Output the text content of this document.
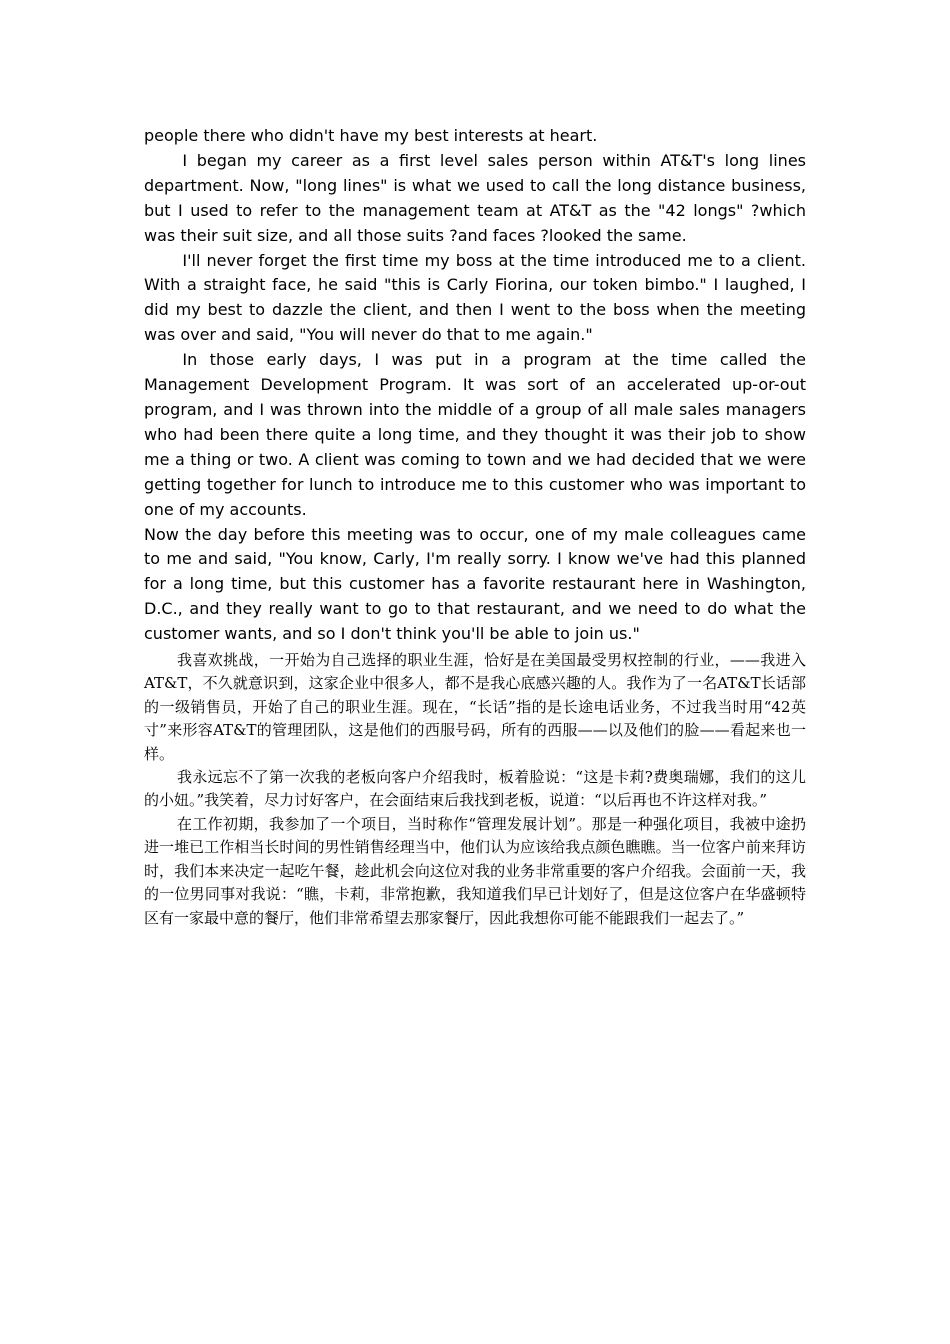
people there who didn't have my best interests at heart.

I began my career as a first level sales person within AT&T's long lines department. Now, "long lines" is what we used to call the long distance business, but I used to refer to the management team at AT&T as the "42 longs" ?which was their suit size, and all those suits ?and faces ?looked the same.

I'll never forget the first time my boss at the time introduced me to a client. With a straight face, he said "this is Carly Fiorina, our token bimbo." I laughed, I did my best to dazzle the client, and then I went to the boss when the meeting was over and said, "You will never do that to me again."

In those early days, I was put in a program at the time called the Management Development Program. It was sort of an accelerated up-or-out program, and I was thrown into the middle of a group of all male sales managers who had been there quite a long time, and they thought it was their job to show me a thing or two. A client was coming to town and we had decided that we were getting together for lunch to introduce me to this customer who was important to one of my accounts.

Now the day before this meeting was to occur, one of my male colleagues came to me and said, "You know, Carly, I'm really sorry. I know we've had this planned for a long time, but this customer has a favorite restaurant here in Washington, D.C., and they really want to go to that restaurant, and we need to do what the customer wants, and so I don't think you'll be able to join us."

我喜欢挑战，一开始为自己选择的职业生涯，恰好是在美国最受男权控制的行业，——我进入AT&T，不久就意识到，这家企业中很多人，都不是我心底感兴趣的人。我作为了一名AT&T长话部的一级销售员，开始了自己的职业生涯。现在，“长话”指的是长途电话业务，不过我当时用“42英寸”来形容AT&T的管理团队，这是他们的西服号码，所有的西服——以及他们的脸——看起来也一样。

我永远忘不了第一次我的老板向客户介绍我时，板着脸说：“这是卡莉?费奥瑞娜，我们的这儿的小妞。”我笑着，尽力讨好客户，在会面结束后我找到老板，说道：“以后再也不许这样对我。”

在工作初期，我参加了一个项目，当时称作“管理发展计划”。那是一种强化项目，我被中途扔进一堆已工作相当长时间的男性销售经理当中，他们认为应该给我点颜色瞧瞧。当一位客户前来拜访时，我们本来决定一起吃午餐，趁此机会向这位对我的业务非常重要的客户介绍我。会面前一天，我的一位男同事对我说：“瞧，卡莉，非常抱歉，我知道我们早已计划好了，但是这位客户在华盛顿特区有一家最中意的餐厅，他们非常希望去那家餐厅，因此我想你可能不能跟我们一起去了。”
